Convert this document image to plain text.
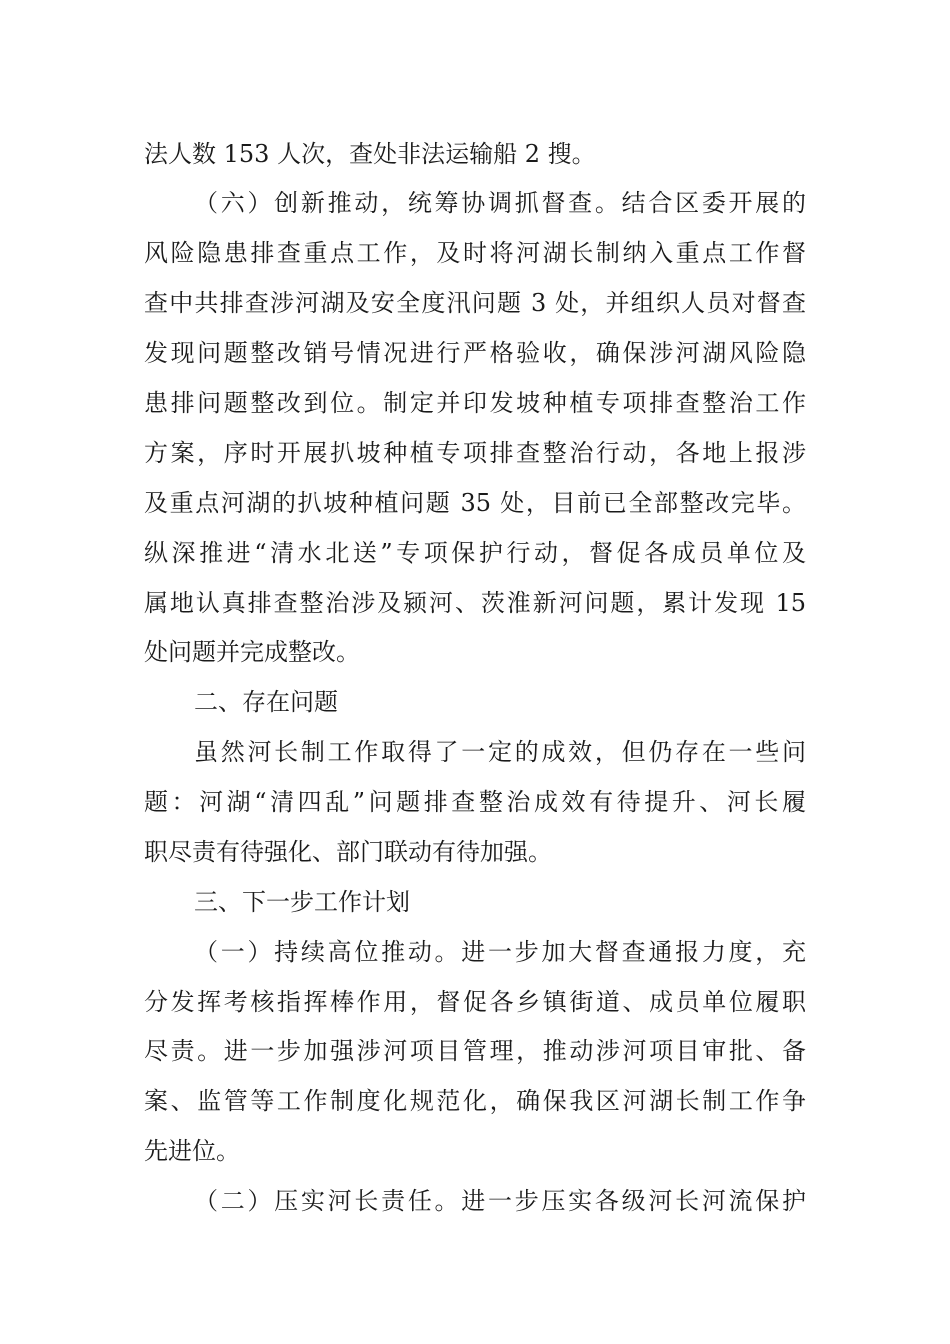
法人数 153 人次，查处非法运输船 2 搜。
（六）创新推动，统筹协调抓督查。结合区委开展的
风险隐患排查重点工作，及时将河湖长制纳入重点工作督
查中共排查涉河湖及安全度汛问题 3 处，并组织人员对督查
发现问题整改销号情况进行严格验收，确保涉河湖风险隐
患排问题整改到位。制定并印发坡种植专项排查整治工作
方案，序时开展扒坡种植专项排查整治行动，各地上报涉
及重点河湖的扒坡种植问题 35 处，目前已全部整改完毕。
纵深推进“清水北送”专项保护行动，督促各成员单位及
属地认真排查整治涉及颍河、茨淮新河问题，累计发现 15
处问题并完成整改。
二、存在问题
虽然河长制工作取得了一定的成效，但仍存在一些问
题：河湖“清四乱”问题排查整治成效有待提升、河长履
职尽责有待强化、部门联动有待加强。
三、下一步工作计划
（一）持续高位推动。进一步加大督查通报力度，充
分发挥考核指挥棒作用，督促各乡镇街道、成员单位履职
尽责。进一步加强涉河项目管理，推动涉河项目审批、备
案、监管等工作制度化规范化，确保我区河湖长制工作争
先进位。
（二）压实河长责任。进一步压实各级河长河流保护
